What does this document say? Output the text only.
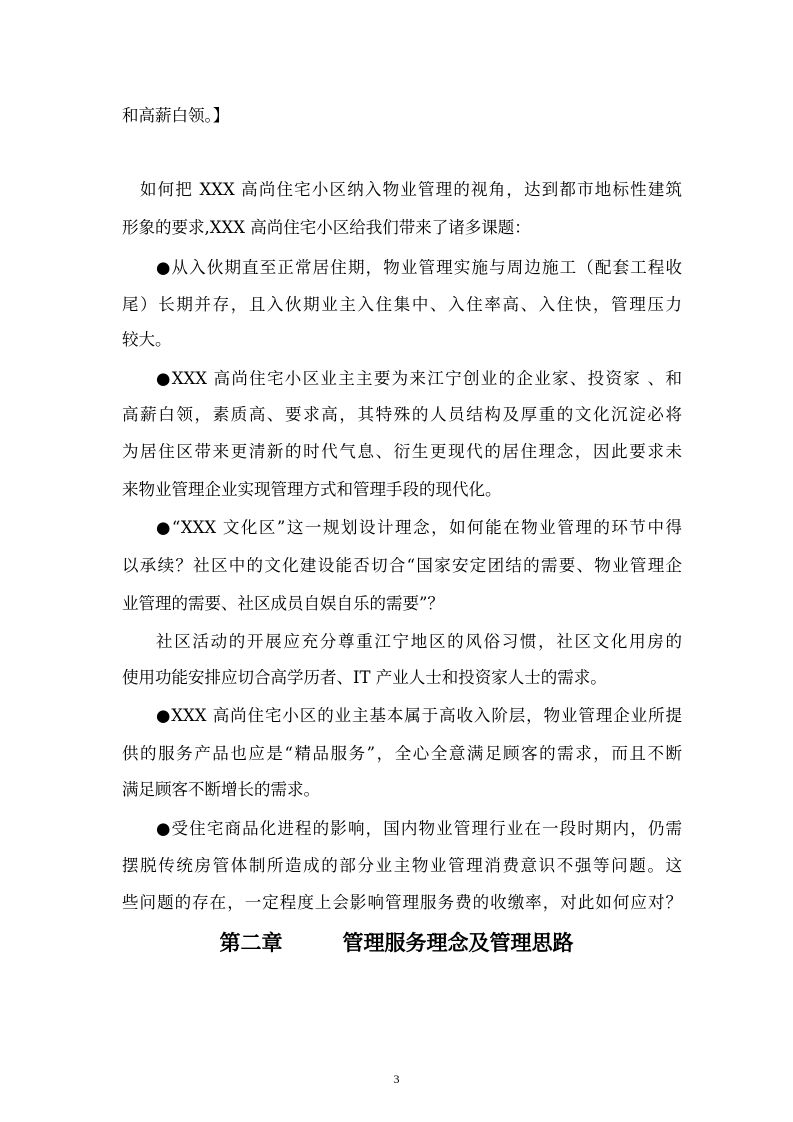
和高薪白领。】
如何把 XXX 高尚住宅小区纳入物业管理的视角，达到都市地标性建筑
形象的要求,XXX 高尚住宅小区给我们带来了诸多课题：
●从入伙期直至正常居住期，物业管理实施与周边施工（配套工程收
尾）长期并存，且入伙期业主入住集中、入住率高、入住快，管理压力
较大。
●XXX 高尚住宅小区业主主要为来江宁创业的企业家、投资家 、和
高薪白领，素质高、要求高，其特殊的人员结构及厚重的文化沉淀必将
为居住区带来更清新的时代气息、衍生更现代的居住理念，因此要求未
来物业管理企业实现管理方式和管理手段的现代化。
●“XXX 文化区”这一规划设计理念，如何能在物业管理的环节中得
以承续？社区中的文化建设能否切合“国家安定团结的需要、物业管理企
业管理的需要、社区成员自娱自乐的需要”？
社区活动的开展应充分尊重江宁地区的风俗习惯，社区文化用房的
使用功能安排应切合高学历者、IT 产业人士和投资家人士的需求。
●XXX 高尚住宅小区的业主基本属于高收入阶层，物业管理企业所提
供的服务产品也应是“精品服务”，全心全意满足顾客的需求，而且不断
满足顾客不断增长的需求。
●受住宅商品化进程的影响，国内物业管理行业在一段时期内，仍需
摆脱传统房管体制所造成的部分业主物业管理消费意识不强等问题。这
些问题的存在，一定程度上会影响管理服务费的收缴率，对此如何应对？
第二章	管理服务理念及管理思路
3
